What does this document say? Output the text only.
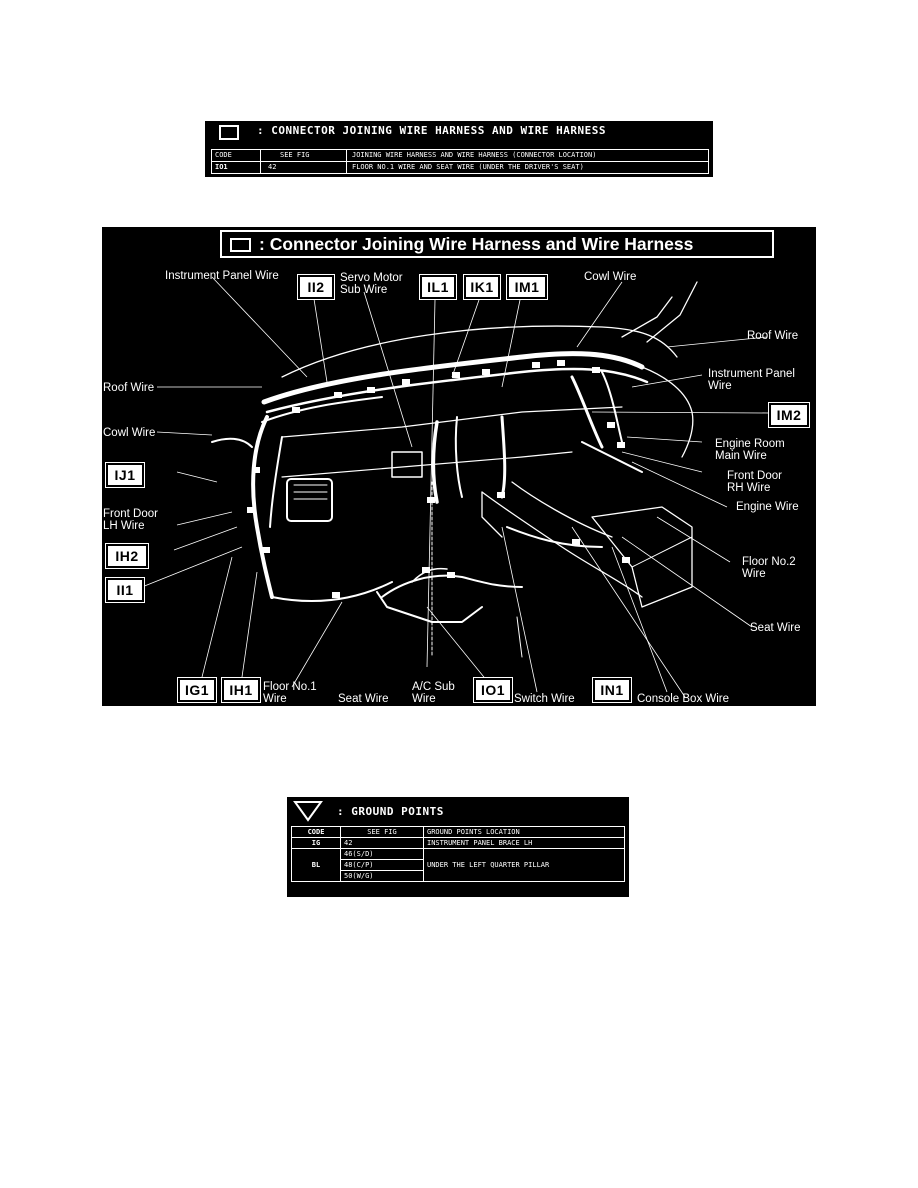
: CONNECTOR JOINING WIRE HARNESS AND WIRE HARNESS
CODE	SEE FIG	JOINING WIRE HARNESS AND WIRE HARNESS (CONNECTOR LOCATION)
IO1	42	FLOOR NO.1 WIRE AND SEAT WIRE (UNDER THE DRIVER'S SEAT)
: Connector Joining Wire Harness and Wire Harness
Instrument Panel Wire	Servo Motor
Sub Wire
Cowl Wire
Roof Wire
Instrument Panel
Wire
Roof Wire
Cowl Wire
Engine Room
Main Wire
Front Door
RH Wire
Engine Wire
Front Door
LH Wire
Floor No.2
Wire
Seat Wire
Floor No.1
Wire	Seat Wire
A/C Sub
Wire	Switch Wire	Console Box Wire
II2	IL1	IK1	IM1
IM2
IJ1
IH2
II1
IG1	IH1	IO1	IN1
: GROUND POINTS
CODE	SEE FIG	GROUND POINTS LOCATION
IG	42	INSTRUMENT PANEL BRACE LH
BL	46(S/D)	UNDER THE LEFT QUARTER PILLAR
	48(C/P)	
	50(W/G)	
